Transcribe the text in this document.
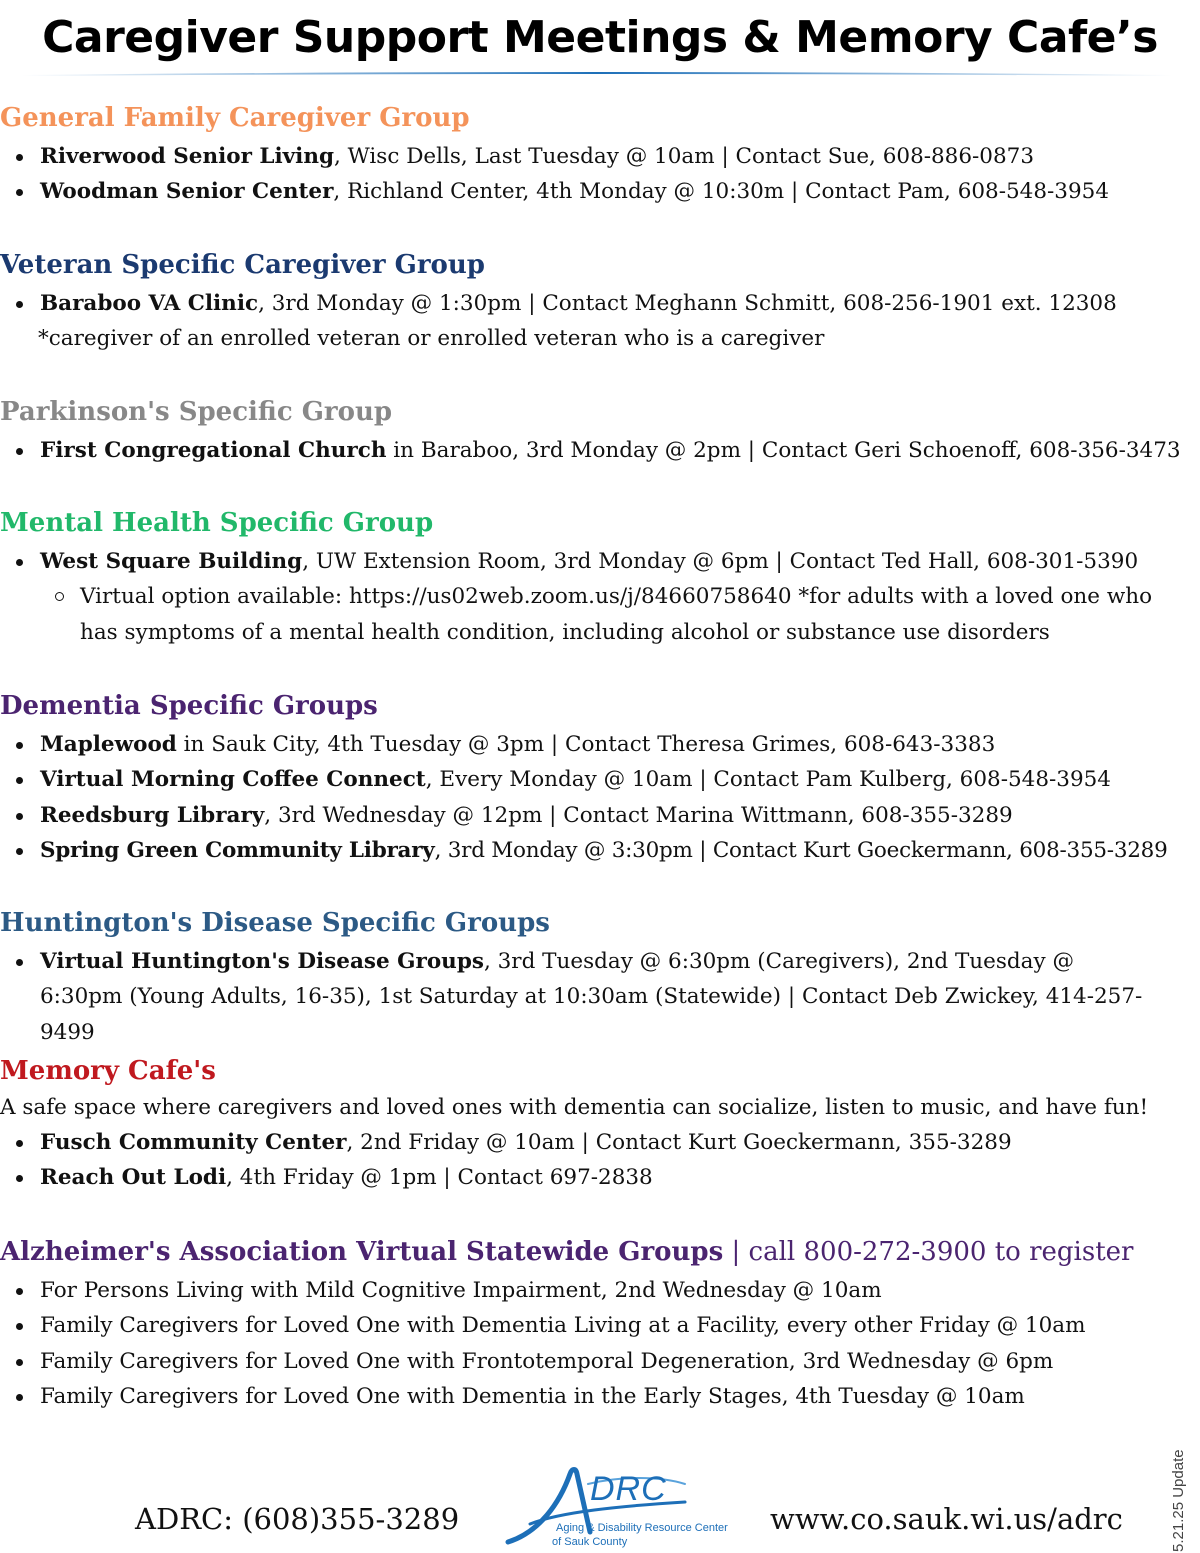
Caregiver Support Meetings & Memory Cafe’s
General Family Caregiver Group
Riverwood Senior Living, Wisc Dells, Last Tuesday @ 10am | Contact Sue, 608-886-0873
Woodman Senior Center, Richland Center, 4th Monday @ 10:30m | Contact Pam, 608-548-3954
Veteran Specific Caregiver Group
Baraboo VA Clinic, 3rd Monday @ 1:30pm | Contact Meghann Schmitt, 608-256-1901 ext. 12308
*caregiver of an enrolled veteran or enrolled veteran who is a caregiver
Parkinson's Specific Group
First Congregational Church in Baraboo, 3rd Monday @ 2pm | Contact Geri Schoenoff, 608-356-3473
Mental Health Specific Group
West Square Building, UW Extension Room, 3rd Monday @ 6pm | Contact Ted Hall, 608-301-5390
Virtual option available: https://us02web.zoom.us/j/84660758640 *for adults with a loved one who has symptoms of a mental health condition, including alcohol or substance use disorders
Dementia Specific Groups
Maplewood in Sauk City, 4th Tuesday @ 3pm | Contact Theresa Grimes, 608-643-3383
Virtual Morning Coffee Connect, Every Monday @ 10am | Contact Pam Kulberg, 608-548-3954
Reedsburg Library, 3rd Wednesday @ 12pm | Contact Marina Wittmann, 608-355-3289
Spring Green Community Library, 3rd Monday @ 3:30pm | Contact Kurt Goeckermann, 608-355-3289
Huntington's Disease Specific Groups
Virtual Huntington's Disease Groups, 3rd Tuesday @ 6:30pm (Caregivers), 2nd Tuesday @ 6:30pm (Young Adults, 16-35), 1st Saturday at 10:30am (Statewide) | Contact Deb Zwickey, 414-257-9499
Memory Cafe's
A safe space where caregivers and loved ones with dementia can socialize, listen to music, and have fun!
Fusch Community Center, 2nd Friday @ 10am | Contact Kurt Goeckermann, 355-3289
Reach Out Lodi, 4th Friday @ 1pm | Contact 697-2838
Alzheimer's Association Virtual Statewide Groups | call 800-272-3900 to register
For Persons Living with Mild Cognitive Impairment, 2nd Wednesday @ 10am
Family Caregivers for Loved One with Dementia Living at a Facility, every other Friday @ 10am
Family Caregivers for Loved One with Frontotemporal Degeneration, 3rd Wednesday @ 6pm
Family Caregivers for Loved One with Dementia in the Early Stages, 4th Tuesday @ 10am
ADRC: (608)355-3289
DRC
Aging & Disability Resource Center
of Sauk County
www.co.sauk.wi.us/adrc	5.21.25 Update
